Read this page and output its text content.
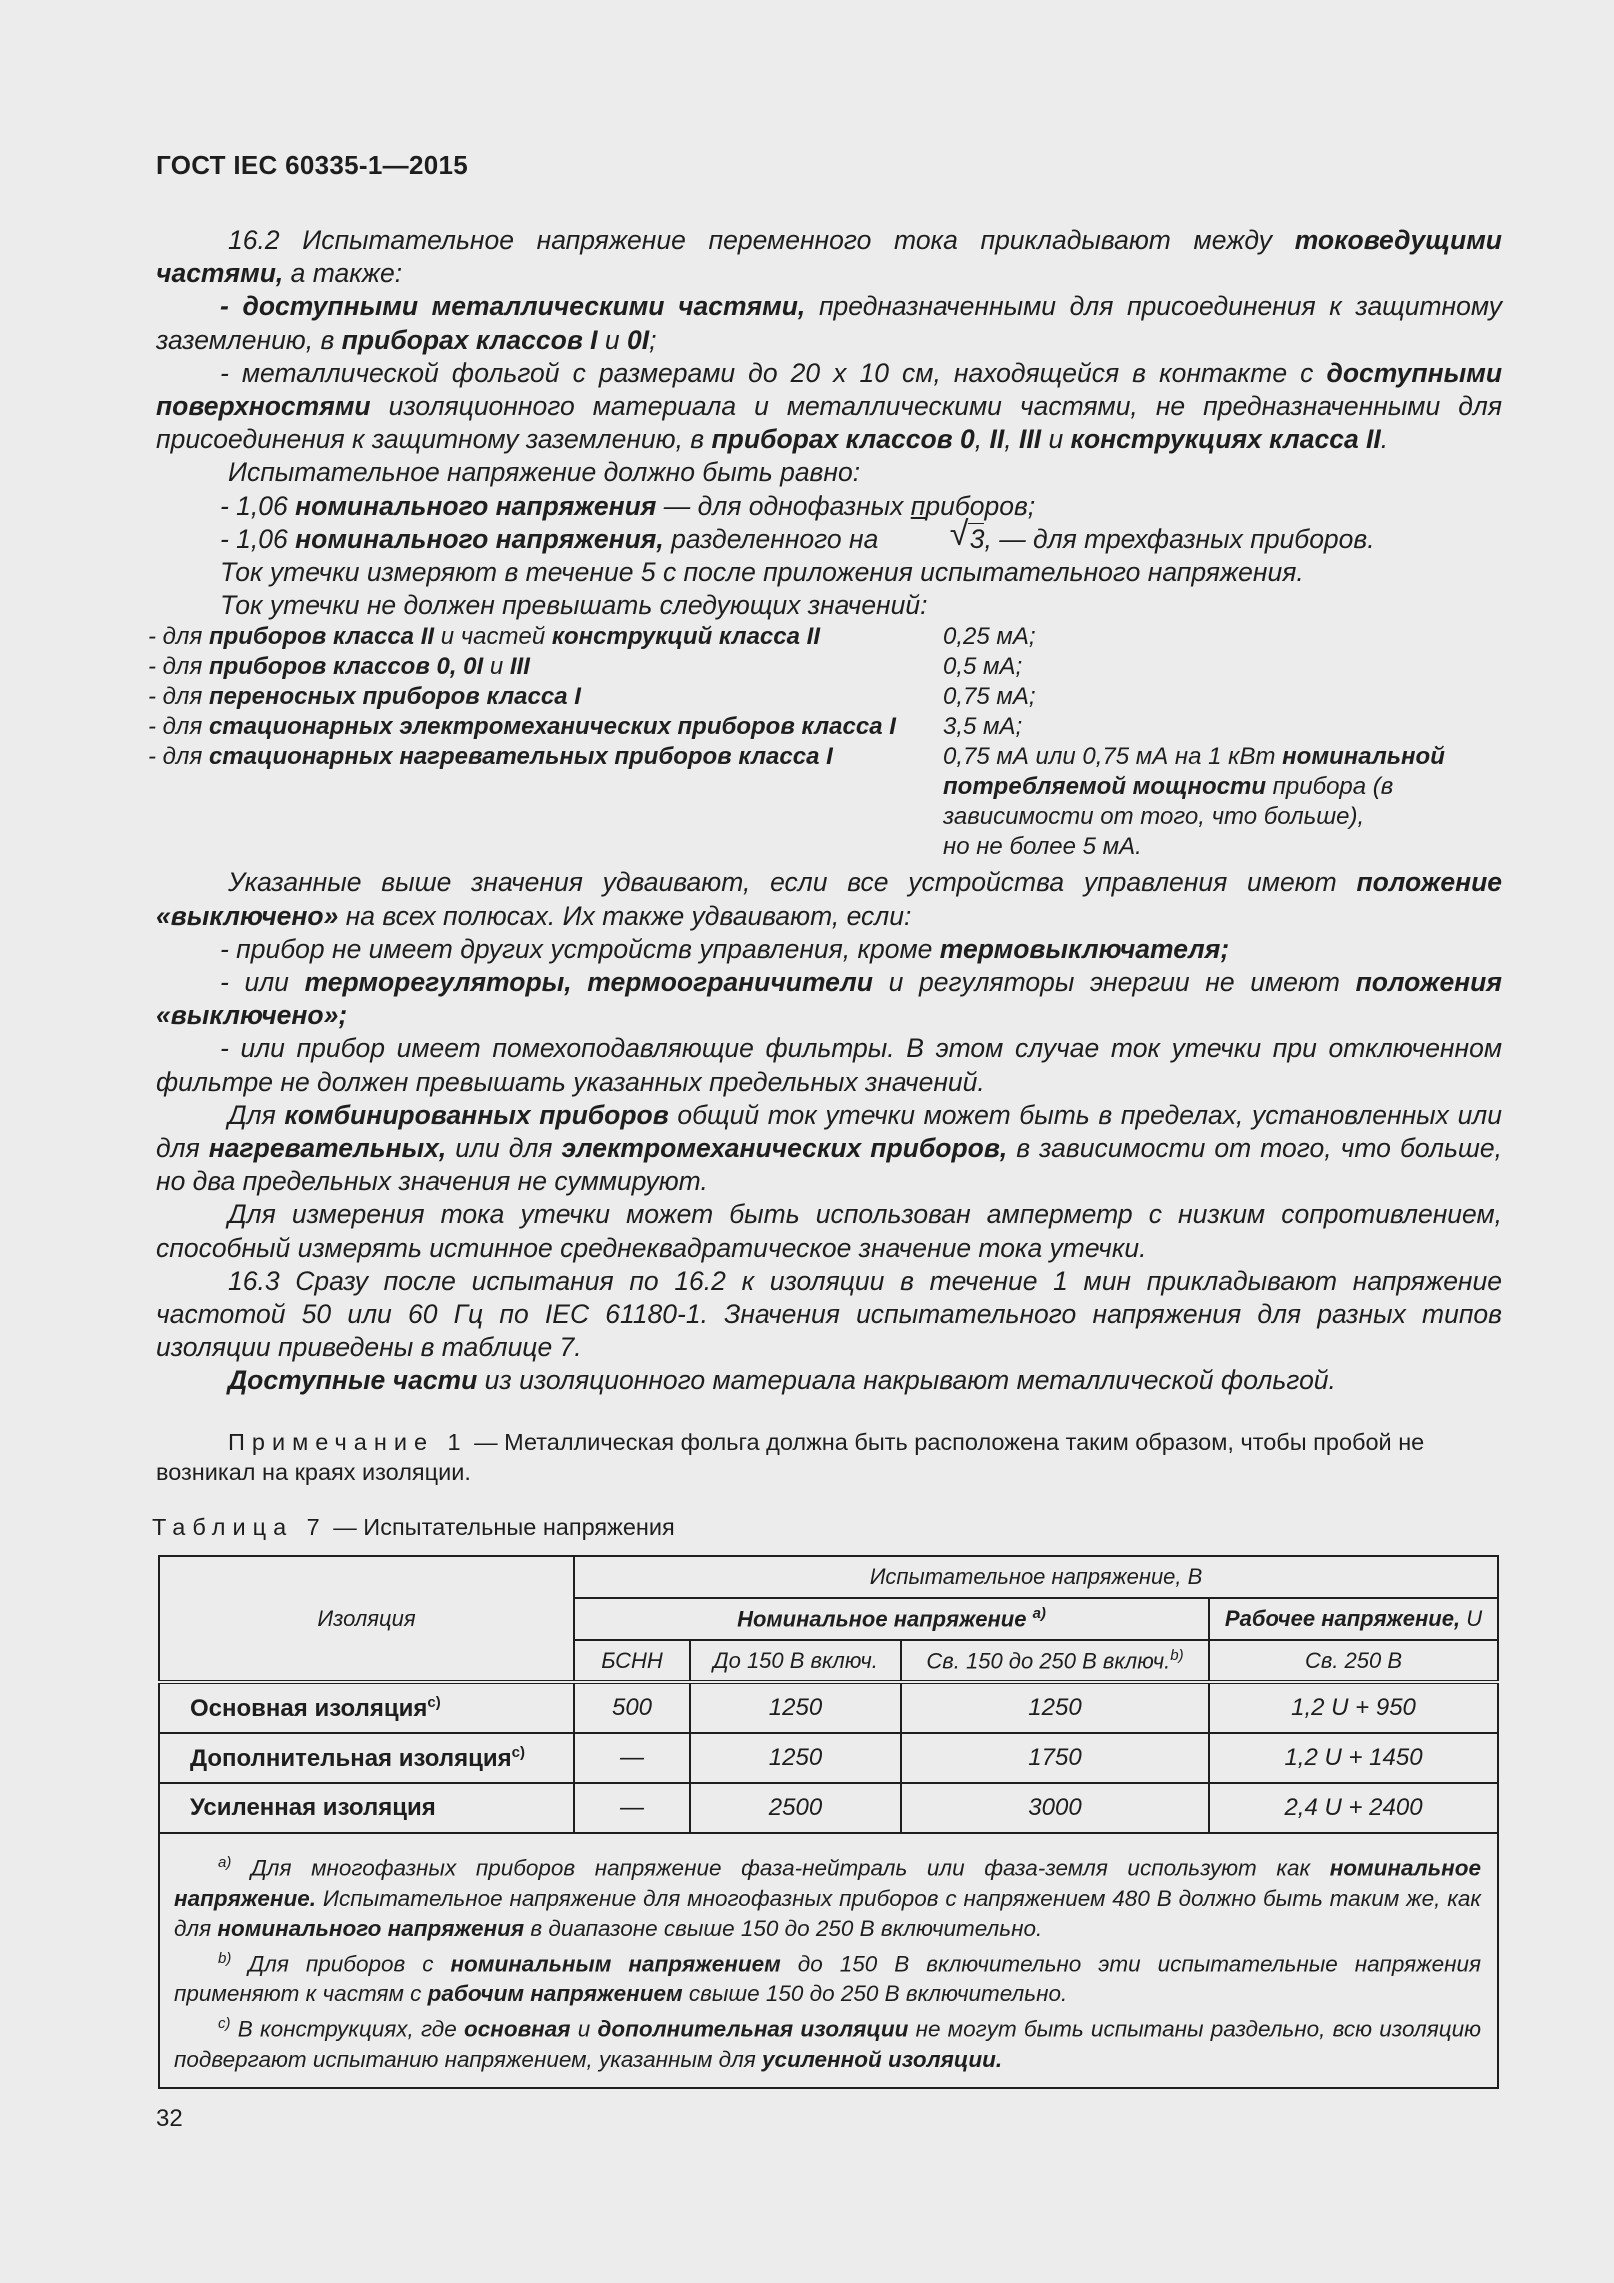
ГОСТ IEC 60335-1—2015

16.2 Испытательное напряжение переменного тока прикладывают между токоведущими частями, а также:

- доступными металлическими частями, предназначенными для присоединения к защитному заземлению, в приборах классов I и 0I;

- металлической фольгой с размерами до 20 x 10 см, находящейся в контакте с доступными поверхностями изоляционного материала и металлическими частями, не предназначенными для присоединения к защитному заземлению, в приборах классов 0, II, III и конструкциях класса II.

Испытательное напряжение должно быть равно:

- 1,06 номинального напряжения — для однофазных приборов;

- 1,06 номинального напряжения, разделенного на	√ 3, — для трехфазных приборов.

Ток утечки измеряют в течение 5 с после приложения испытательного напряжения.

Ток утечки не должен превышать следующих значений:

- для приборов класса II и частей конструкций класса II	0,25 мА;
- для приборов классов 0, 0I и III	0,5 мА;
- для переносных приборов класса I	0,75 мА;
- для стационарных электромеханических приборов класса I	3,5 мА;
- для стационарных нагревательных приборов класса I	0,75 мА или 0,75 мА на 1 кВт номинальной потребляемой мощности прибора (в зависимости от того, что больше),
но не более 5 мА.

Указанные выше значения удваивают, если все устройства управления имеют положение «выключено» на всех полюсах. Их также удваивают, если:

- прибор не имеет других устройств управления, кроме термовыключателя;

- или терморегуляторы, термоограничители и регуляторы энергии не имеют положения «выключено»;

- или прибор имеет помехоподавляющие фильтры. В этом случае ток утечки при отключенном фильтре не должен превышать указанных предельных значений.

Для комбинированных приборов общий ток утечки может быть в пределах, установленных или для нагревательных, или для электромеханических приборов, в зависимости от того, что больше, но два предельных значения не суммируют.

Для измерения тока утечки может быть использован амперметр с низким сопротивлением, способный измерять истинное среднеквадратическое значение тока утечки.

16.3 Сразу после испытания по 16.2 к изоляции в течение 1 мин прикладывают напряжение частотой 50 или 60 Гц по IEC 61180-1. Значения испытательного напряжения для разных типов изоляции приведены в таблице 7.

Доступные части из изоляционного материала накрывают металлической фольгой.

Примечание 1 — Металлическая фольга должна быть расположена таким образом, чтобы пробой не возникал на краях изоляции.
Таблица 7 — Испытательные напряжения
Изоляция	Испытательное напряжение, В			
	Номинальное напряжение $^{а)}$			Рабочее напряжение, U
	БСНН	До 150 В включ.	Св. 150 до 250 В включ.$^{b)}$	Св. 250 В
Основная изоляция$^{c)}$	500	1250	1250	1,2 U + 950
Дополнительная изоляция$^{c)}$	—	1250	1750	1,2 U + 1450
Усиленная изоляция	—	2500	3000	2,4 U + 2400

$^{а)}$ Для многофазных приборов напряжение фаза-нейтраль или фаза-земля используют как номинальное напряжение. Испытательное напряжение для многофазных приборов с напряжением 480 В должно быть таким же, как для номинального напряжения в диапазоне свыше 150 до 250 В включительно.

$^{b)}$ Для приборов с номинальным напряжением до 150 В включительно эти испытательные напряжения применяют к частям с рабочим напряжением свыше 150 до 250 В включительно.

$^{c)}$ В конструкциях, где основная и дополнительная изоляции не могут быть испытаны раздельно, всю изоляцию подвергают испытанию напряжением, указанным для усиленной изоляции.				

32
